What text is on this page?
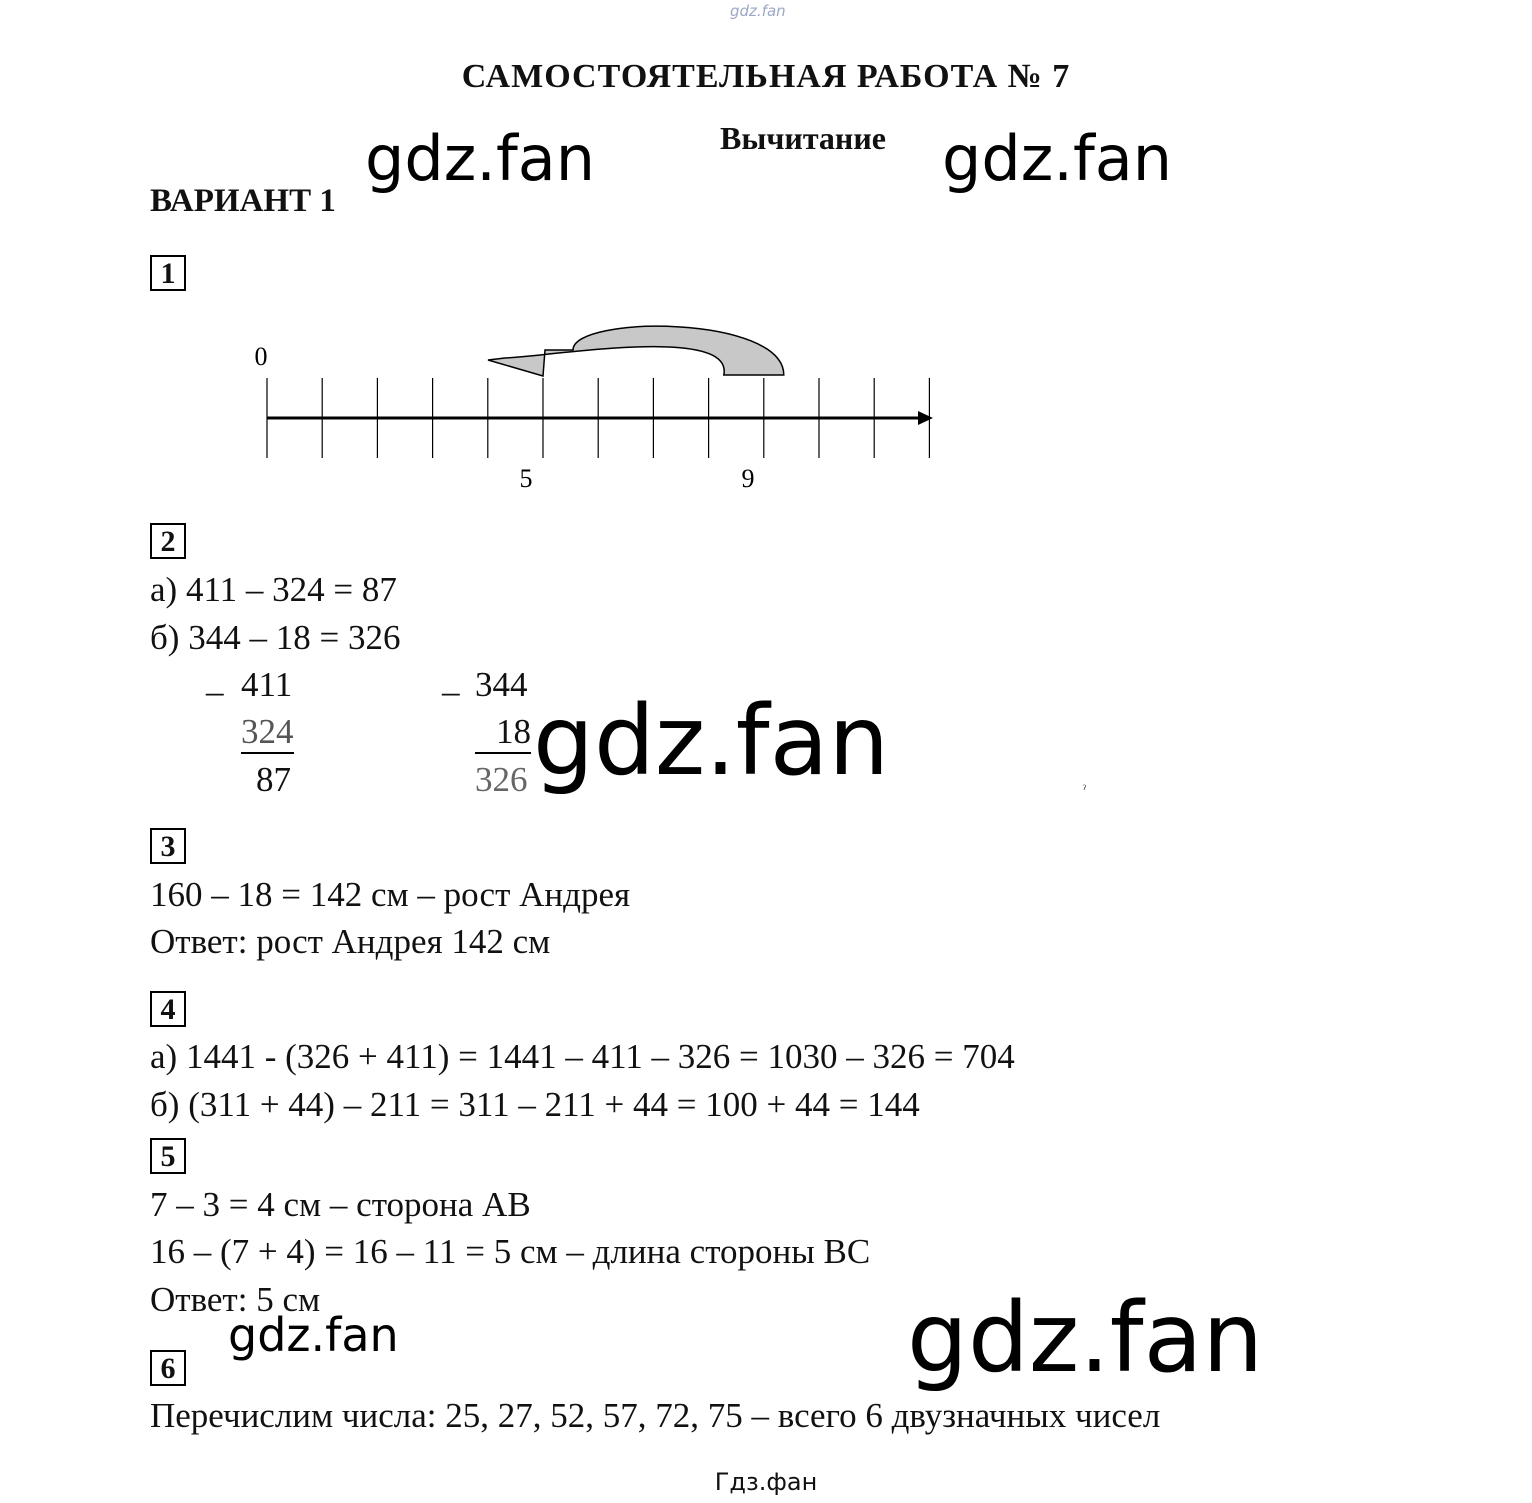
gdz.fan
САМОСТОЯТЕЛЬНАЯ РАБОТА № 7
Вычитание
ВАРИАНТ 1
1
0
5	9
2
а) 411 – 324 = 87
б) 344 – 18 = 326
_ 411
324
87
_ 344
18
326	ˀ
3
160 – 18 = 142 см – рост Андрея
Ответ: рост Андрея 142 см
4
а) 1441 - (326 + 411) = 1441 – 411 – 326 = 1030 – 326 = 704
б) (311 + 44) – 211 = 311 – 211 + 44 = 100 + 44 = 144
5
7 – 3 = 4 см – сторона АВ
16 – (7 + 4) = 16 – 11 = 5 см – длина стороны ВС
Ответ: 5 см
6
Перечислим числа: 25, 27, 52, 57, 72, 75 – всего 6 двузначных чисел
gdz.fan	gdz.fan
gdz.fan
gdz.fan	gdz.fan
Гдз.фан
